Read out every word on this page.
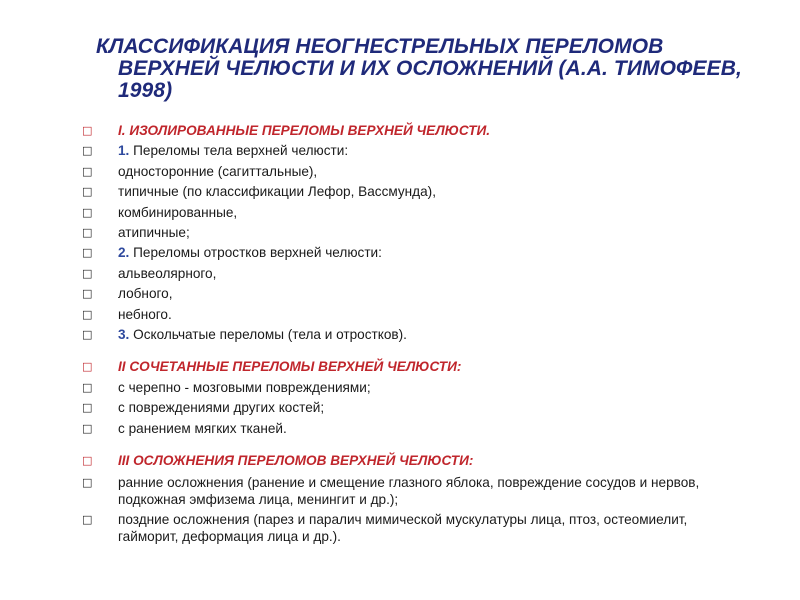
КЛАССИФИКАЦИЯ НЕОГНЕСТРЕЛЬНЫХ ПЕРЕЛОМОВ
ВЕРХНЕЙ ЧЕЛЮСТИ И ИХ ОСЛОЖНЕНИЙ (А.А. ТИМОФЕЕВ,
1998)
□ I. ИЗОЛИРОВАННЫЕ ПЕРЕЛОМЫ ВЕРХНЕЙ ЧЕЛЮСТИ.
□ 1. Переломы тела верхней челюсти:
□ односторонние (сагиттальные),
□ типичные (по классификации Лефор, Вассмунда),
□ комбинированные,
□ атипичные;
□ 2. Переломы отростков верхней челюсти:
□ альвеолярного,
□ лобного,
□ небного.
□ 3. Оскольчатые переломы (тела и отростков).
□ II СОЧЕТАННЫЕ ПЕРЕЛОМЫ ВЕРХНЕЙ ЧЕЛЮСТИ:
□ с черепно - мозговыми повреждениями;
□ с повреждениями других костей;
□ с ранением мягких тканей.
□ III ОСЛОЖНЕНИЯ ПЕРЕЛОМОВ ВЕРХНЕЙ ЧЕЛЮСТИ:
□ ранние осложнения (ранение и смещение глазного яблока, повреждение сосудов и нервов, подкожная эмфизема лица, менингит и др.);
□ поздние осложнения (парез и паралич мимической мускулатуры лица, птоз, остеомиелит, гайморит, деформация лица и др.).
